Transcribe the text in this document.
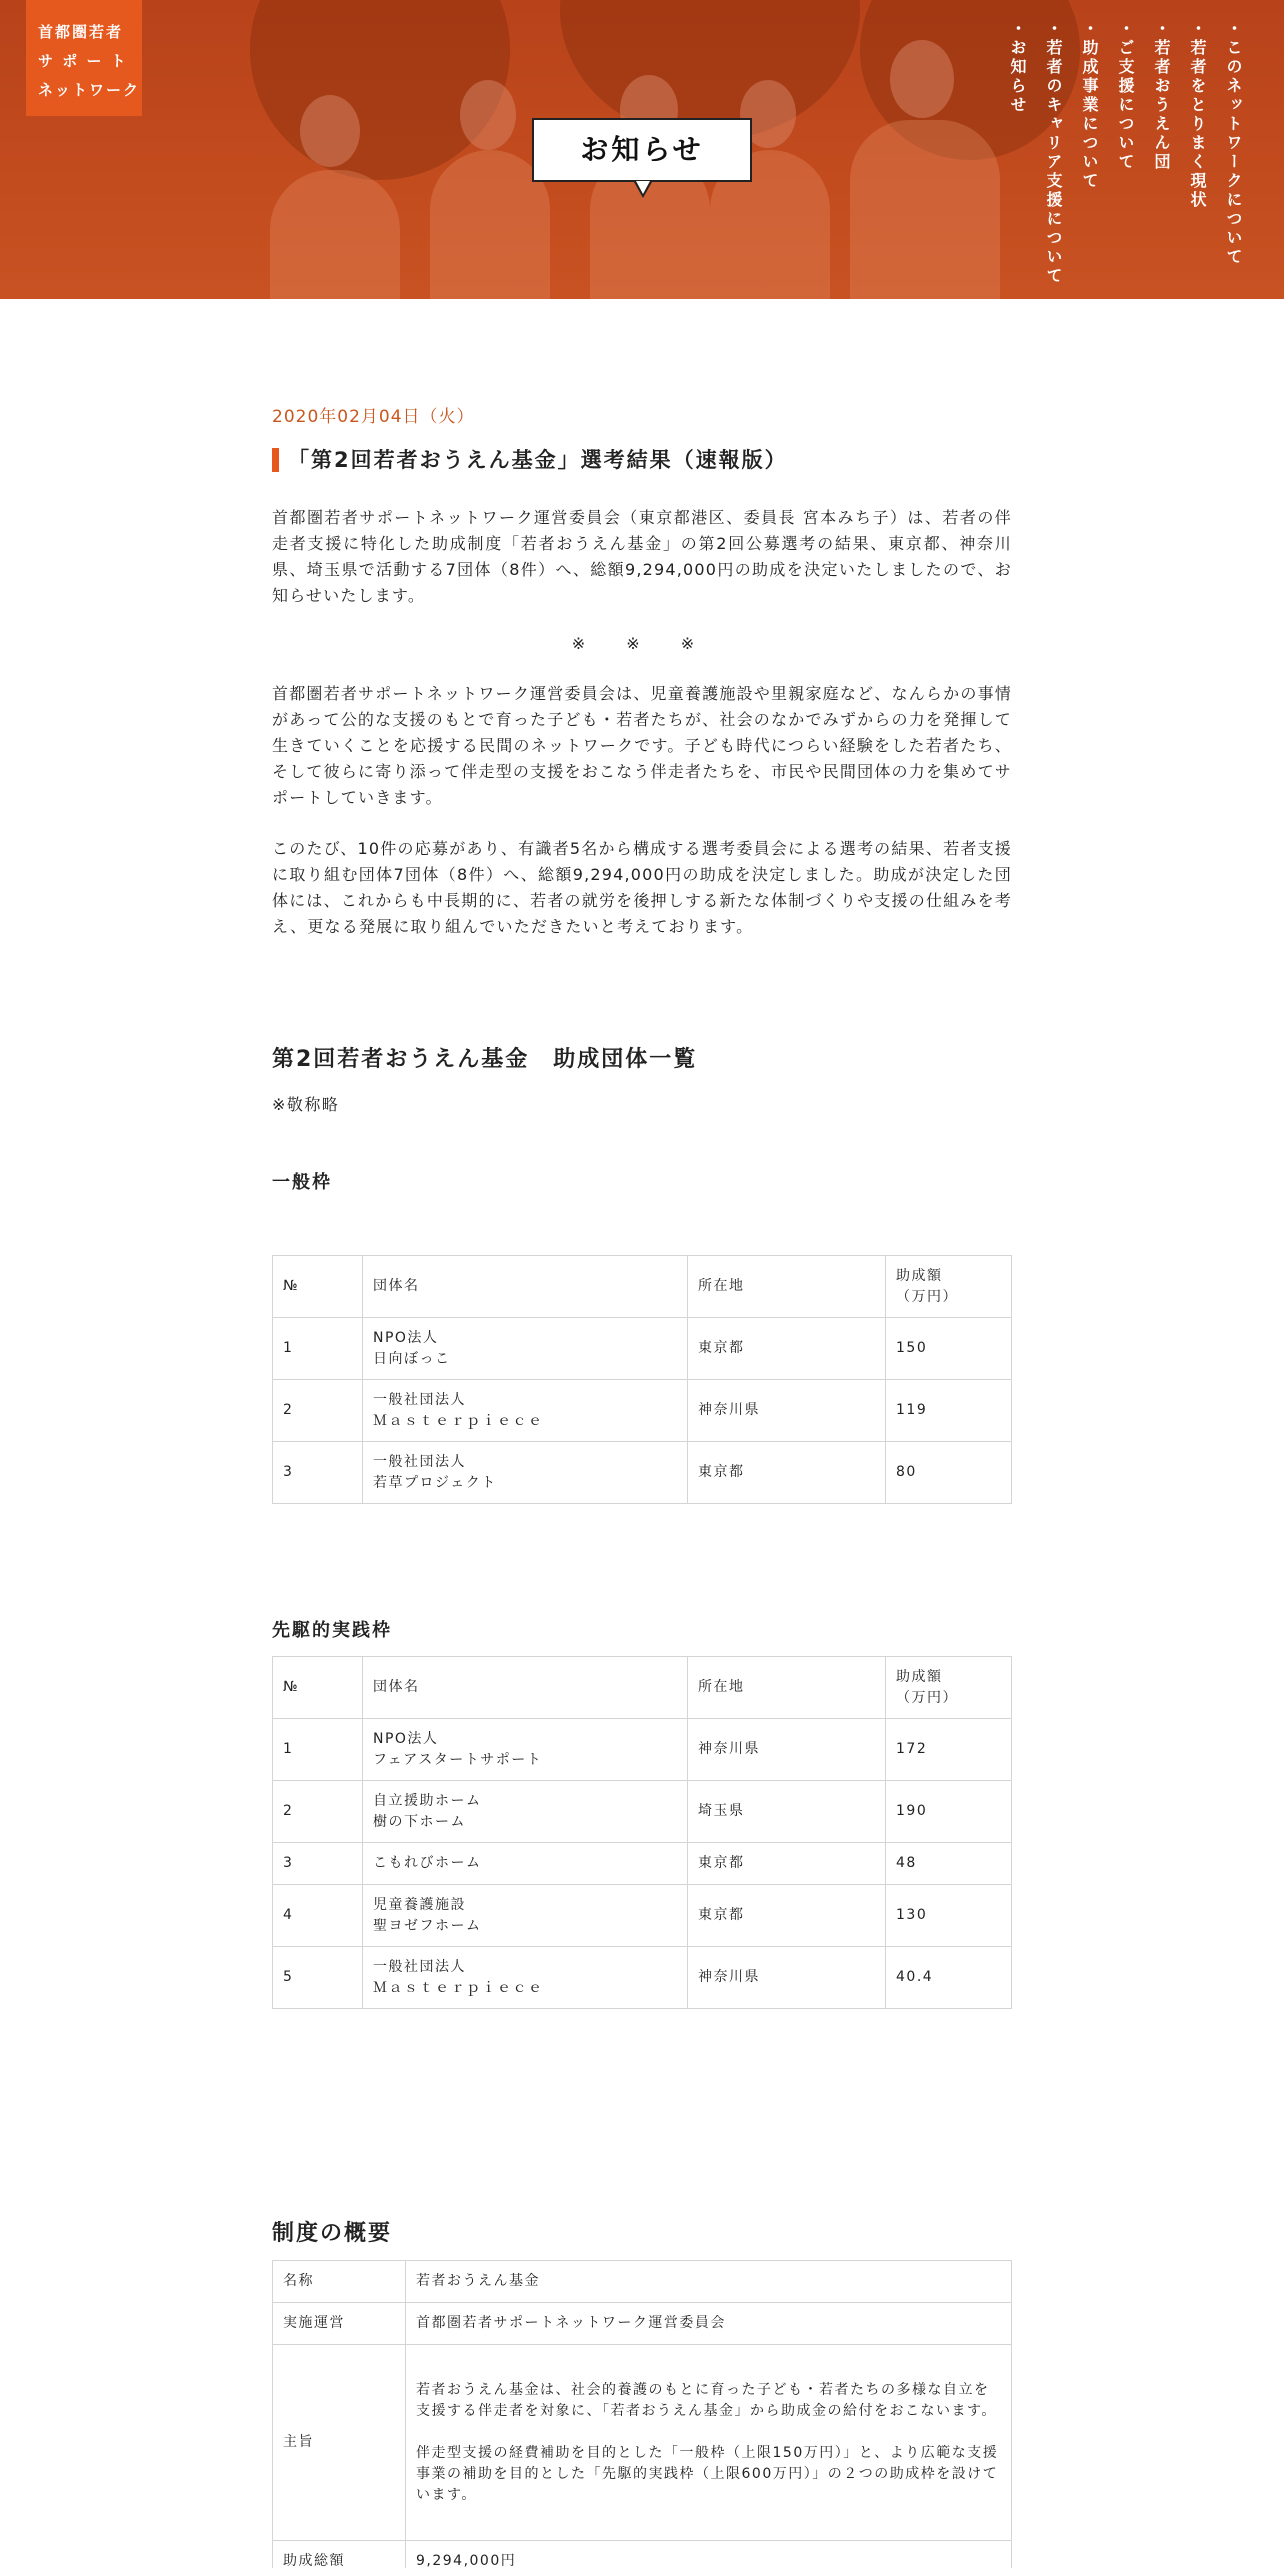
首都圏若者
サ ポ ー ト
ネットワーク
お知らせ	・このネットワークについて
・若者をとりまく現状
・若者おうえん団
・ご支援について
・助成事業について
・若者のキャリア支援について
・お知らせ
2020年02月04日（火）
「第2回若者おうえん基金」選考結果（速報版）

首都圏若者サポートネットワーク運営委員会（東京都港区、委員長 宮本みち子）は、若者の伴走者支援に特化した助成制度「若者おうえん基金」の第2回公募選考の結果、東京都、神奈川県、埼玉県で活動する7団体（8件）へ、総額9,294,000円の助成を決定いたしましたので、お知らせいたします。

※ ※ ※

首都圏若者サポートネットワーク運営委員会は、児童養護施設や里親家庭など、なんらかの事情があって公的な支援のもとで育った子ども・若者たちが、社会のなかでみずからの力を発揮して生きていくことを応援する民間のネットワークです。子ども時代につらい経験をした若者たち、そして彼らに寄り添って伴走型の支援をおこなう伴走者たちを、市民や民間団体の力を集めてサポートしていきます。

このたび、10件の応募があり、有識者5名から構成する選考委員会による選考の結果、若者支援に取り組む団体7団体（8件）へ、総額9,294,000円の助成を決定しました。助成が決定した団体には、これからも中長期的に、若者の就労を後押しする新たな体制づくりや支援の仕組みを考え、更なる発展に取り組んでいただきたいと考えております。

第2回若者おうえん基金　助成団体一覧
※敬称略
一般枠
№	団体名	所在地	助成額
（万円）

1	NPO法人
日向ぼっこ	東京都	150
2	一般社団法人
Ｍａｓｔｅｒｐｉｅｃｅ	神奈川県	119
3	一般社団法人
若草プロジェクト	東京都	80
先駆的実践枠
№	団体名	所在地	助成額
（万円）

1	NPO法人
フェアスタートサポート	神奈川県	172
2	自立援助ホーム
樹の下ホーム	埼玉県	190
3	こもれびホーム	東京都	48
4	児童養護施設
聖ヨゼフホーム	東京都	130
5	一般社団法人
Ｍａｓｔｅｒｐｉｅｃｅ	神奈川県	40.4
制度の概要
名称	若者おうえん基金

実施運営	首都圏若者サポートネットワーク運営委員会

主旨	若者おうえん基金は、社会的養護のもとに育った子ども・若者たちの多様な自立を支援する伴走者を対象に、「若者おうえん基金」から助成金の給付をおこないます。

伴走型支援の経費補助を目的とした「一般枠（上限150万円）」と、より広範な支援事業の補助を目的とした「先駆的実践枠（上限600万円）」の２つの助成枠を設けています。

助成総額	9,294,000円
